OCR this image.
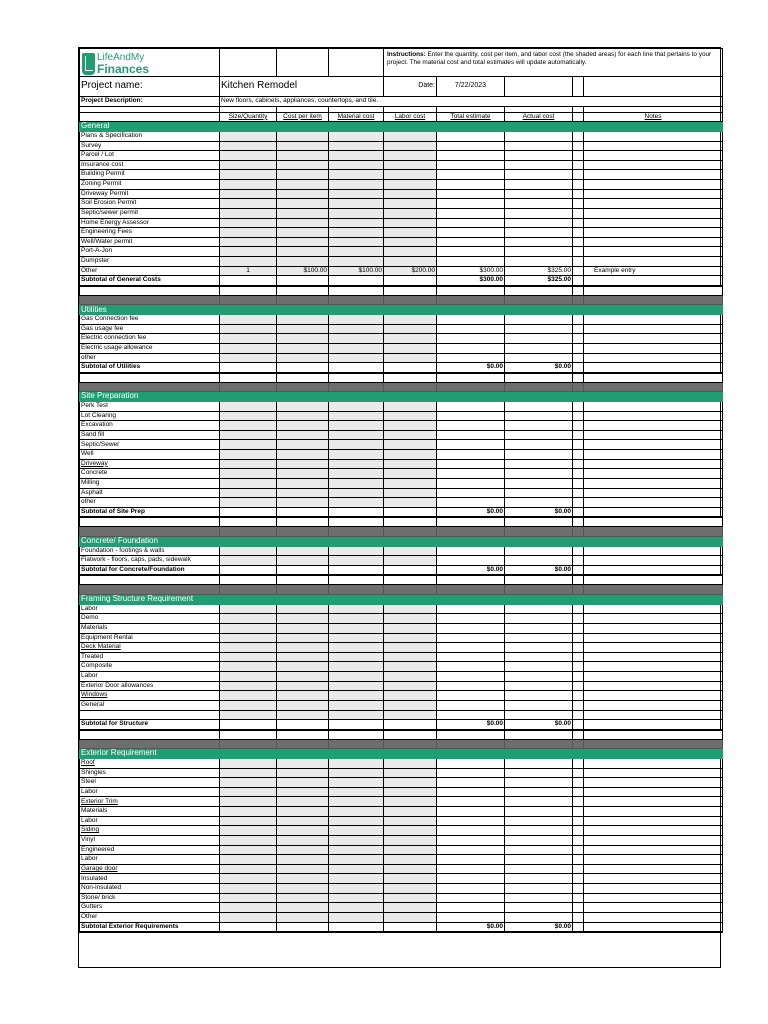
LifeAndMy
Finances				Instructions: Enter the quantity, cost per item, and labor cost (the shaded areas) for each line that pertains to your project. The material cost and total estimates will update automatically.				
Project name:	Kitchen Remodel			Date:	7/22/2023			
Project Description:	New floors, cabinets, appliances, countertops, and tile.							

	Size/Quantity	Cost per item	Material cost	Labor cost	Total estimate	Actual cost		Notes
General								
Plans & Specification								
Survey								
Parcel / Lot								
Insurance cost								
Building Permit								
Zoning Permit								
Driveway Permit								
Soil Erosion Permit								
Septic/sewer permit								
Home Energy Assessor								
Engineering Fees								
Well/Water permit								
Port-A-Jon								
Dumpster								
Other	1	$100.00	$100.00	$200.00	$300.00	$325.00		Example entry
Subtotal of General Costs					$300.00	$325.00		

Utilities								
Gas Connection fee								
Gas usage fee								
Electric connection fee								
Electric usage allowance								
other								
Subtotal of Utilities					$0.00	$0.00		

Site Preparation								
Perk Test								
Lot Clearing								
Excavation								
Sand fill								
Septic/Sewer								
Well								
Driveway								
Concrete								
Milling								
Asphalt								
other								
Subtotal of Site Prep					$0.00	$0.00		

Concrete/ Foundation								
Foundation - footings & walls								
Flatwork - floors, caps, pads, sidewalk								
Subtotal for Concrete/Foundation					$0.00	$0.00		

Framing Structure Requirement								
Labor								
Demo								
Materials								
Equipment Rental								
Deck Material								
Treated								
Composite								
Labor								
Exterior Door allowances								
Windows								
General								

Subtotal for Structure					$0.00	$0.00		

Exterior Requirement								
Roof								
Shingles								
Steel								
Labor								
Exterior Trim								
Materials								
Labor								
Siding								
Vinyl								
Engineered								
Labor								
Garage door								
Insulated								
Non-insulated								
Stone/ brick								
Gutters								
Other								
Subtotal Exterior Requirements					$0.00	$0.00		
